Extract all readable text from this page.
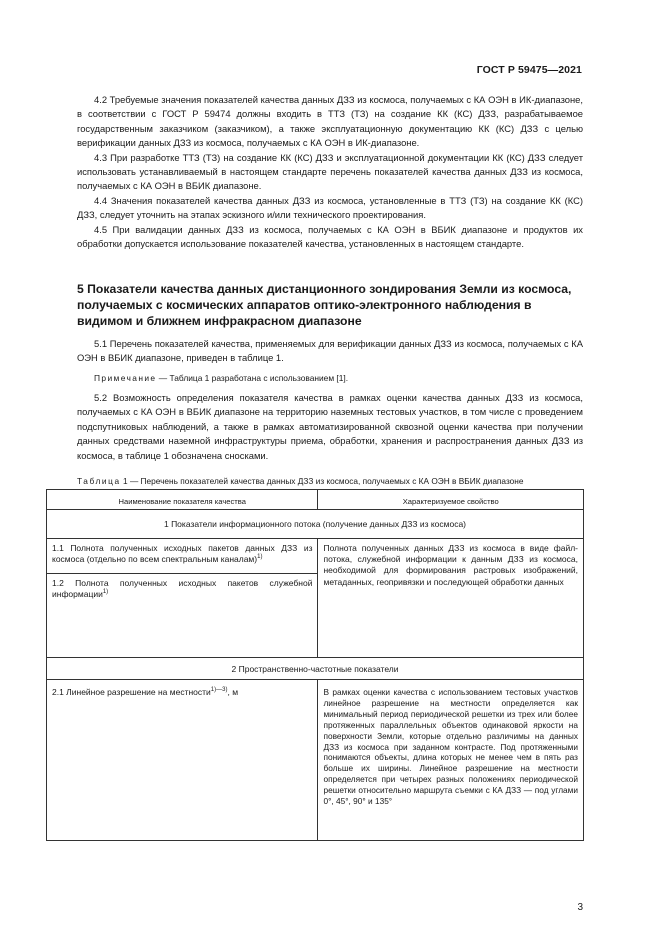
ГОСТ Р 59475—2021

4.2 Требуемые значения показателей качества данных ДЗЗ из космоса, получаемых с КА ОЭН в ИК-диапазоне, в соответствии с ГОСТ Р 59474 должны входить в ТТЗ (ТЗ) на создание КК (КС) ДЗЗ, разрабатываемое государственным заказчиком (заказчиком), а также эксплуатационную документацию КК (КС) ДЗЗ с целью верификации данных ДЗЗ из космоса, получаемых с КА ОЭН в ИК-диапазоне.

4.3 При разработке ТТЗ (ТЗ) на создание КК (КС) ДЗЗ и эксплуатационной документации КК (КС) ДЗЗ следует использовать устанавливаемый в настоящем стандарте перечень показателей качества данных ДЗЗ из космоса, получаемых с КА ОЭН в ВБИК диапазоне.

4.4 Значения показателей качества данных ДЗЗ из космоса, установленные в ТТЗ (ТЗ) на создание КК (КС) ДЗЗ, следует уточнить на этапах эскизного и/или технического проектирования.

4.5 При валидации данных ДЗЗ из космоса, получаемых с КА ОЭН в ВБИК диапазоне и продуктов их обработки допускается использование показателей качества, установленных в настоящем стандарте.

5 Показатели качества данных дистанционного зондирования Земли из космоса, получаемых с космических аппаратов оптико-электронного наблюдения в видимом и ближнем инфракрасном диапазоне

5.1 Перечень показателей качества, применяемых для верификации данных ДЗЗ из космоса, получаемых с КА ОЭН в ВБИК диапазоне, приведен в таблице 1.

Примечание — Таблица 1 разработана с использованием [1].

5.2 Возможность определения показателя качества в рамках оценки качества данных ДЗЗ из космоса, получаемых с КА ОЭН в ВБИК диапазоне на территорию наземных тестовых участков, в том числе с проведением подспутниковых наблюдений, а также в рамках автоматизированной сквозной оценки качества при получении данных средствами наземной инфраструктуры приема, обработки, хранения и распространения данных ДЗЗ из космоса, в таблице 1 обозначена сносками.

Таблица 1 — Перечень показателей качества данных ДЗЗ из космоса, получаемых с КА ОЭН в ВБИК диапазоне
Наименование показателя качества	Характеризуемое свойство
1 Показатели информационного потока (получение данных ДЗЗ из космоса)	
1.1 Полнота полученных исходных пакетов данных ДЗЗ из космоса (отдельно по всем спектральным каналам)$^{1)}$	Полнота полученных данных ДЗЗ из космоса в виде файл-потока, служебной информации к данным ДЗЗ из космоса, необходимой для формирования растровых изображений, метаданных, геопривязки и последующей обработки данных
1.2 Полнота полученных исходных пакетов служебной информации$^{1)}$
2 Пространственно-частотные показатели	
2.1 Линейное разрешение на местности$^{1)—3)}$, м	В рамках оценки качества с использованием тестовых участков линейное разрешение на местности определяется как минимальный период периодической решетки из трех или более протяженных параллельных объектов одинаковой яркости на поверхности Земли, которые отдельно различимы на данных ДЗЗ из космоса при заданном контрасте. Под протяженными понимаются объекты, длина которых не менее чем в пять раз больше их ширины. Линейное разрешение на местности определяется при четырех разных положениях периодической решетки относительно маршрута съемки с КА ДЗЗ — под углами 0°, 45°, 90° и 135°
3
